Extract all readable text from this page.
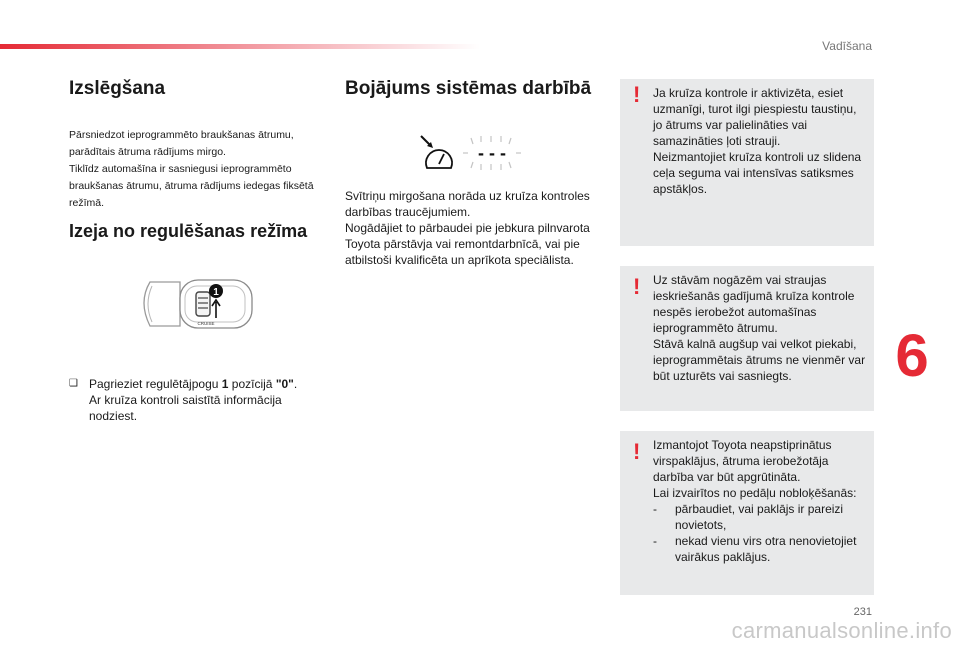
Vadīšana
6
231
carmanualsonline.info
Izslēgšana

Pārsniedzot ieprogrammēto braukšanas ātrumu, parādītais ātruma rādījums mirgo.

Tiklīdz automašīna ir sasniegusi ieprogrammēto braukšanas ātrumu, ātruma rādījums iedegas fiksētā režīmā.

Izeja no regulēšanas režīma
1
CRUISE
❑ Pagrieziet regulētājpogu 1 pozīcijā "0".

Ar kruīza kontroli saistītā informācija nodziest.

Bojājums sistēmas darbībā
- - -

Svītriņu mirgošana norāda uz kruīza kontroles darbības traucējumiem.

Nogādājiet to pārbaudei pie jebkura pilnvarota Toyota pārstāvja vai remontdarbnīcā, vai pie atbilstoši kvalificēta un aprīkota speciālista.

Ja kruīza kontrole ir aktivizēta, esiet uzmanīgi, turot ilgi piespiestu taustiņu, jo ātrums var palielināties vai samazināties ļoti strauji.

Neizmantojiet kruīza kontroli uz slidena ceļa seguma vai intensīvas satiksmes apstākļos.

!

Uz stāvām nogāzēm vai straujas ieskriešanās gadījumā kruīza kontrole nespēs ierobežot automašīnas ieprogrammēto ātrumu.

Stāvā kalnā augšup vai velkot piekabi, ieprogrammētais ātrums ne vienmēr var būt uzturēts vai sasniegts.

!

Izmantojot Toyota neapstiprinātus virspaklājus, ātruma ierobežotāja darbība var būt apgrūtināta.

Lai izvairītos no pedāļu nobloķēšanās:

-	pārbaudiet, vai paklājs ir pareizi novietots,
-	nekad vienu virs otra nenovietojiet vairākus paklājus.
!
